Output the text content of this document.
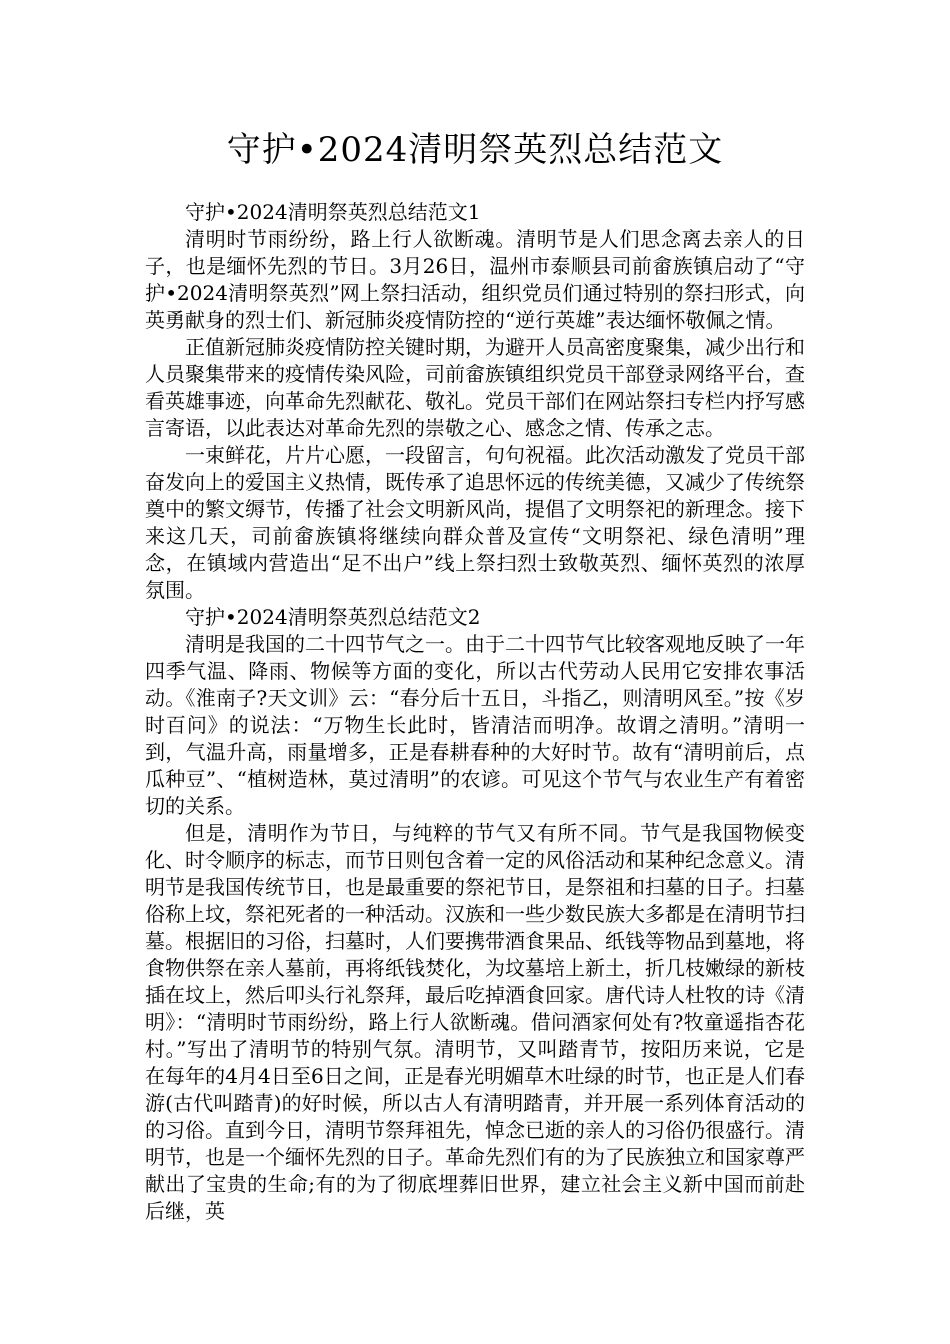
守护•2024清明祭英烈总结范文

守护•2024清明祭英烈总结范文1

清明时节雨纷纷，路上行人欲断魂。清明节是人们思念离去亲人的日子，也是缅怀先烈的节日。3月26日，温州市泰顺县司前畲族镇启动了“守护•2024清明祭英烈”网上祭扫活动，组织党员们通过特别的祭扫形式，向英勇献身的烈士们、新冠肺炎疫情防控的“逆行英雄”表达缅怀敬佩之情。

正值新冠肺炎疫情防控关键时期，为避开人员高密度聚集，减少出行和人员聚集带来的疫情传染风险，司前畲族镇组织党员干部登录网络平台，查看英雄事迹，向革命先烈献花、敬礼。党员干部们在网站祭扫专栏内抒写感言寄语，以此表达对革命先烈的崇敬之心、感念之情、传承之志。

一束鲜花，片片心愿，一段留言，句句祝福。此次活动激发了党员干部奋发向上的爱国主义热情，既传承了追思怀远的传统美德，又减少了传统祭奠中的繁文缛节，传播了社会文明新风尚，提倡了文明祭祀的新理念。接下来这几天，司前畲族镇将继续向群众普及宣传“文明祭祀、绿色清明”理念，在镇域内营造出“足不出户”线上祭扫烈士致敬英烈、缅怀英烈的浓厚氛围。

守护•2024清明祭英烈总结范文2

清明是我国的二十四节气之一。由于二十四节气比较客观地反映了一年四季气温、降雨、物候等方面的变化，所以古代劳动人民用它安排农事活动。《淮南子?天文训》云：“春分后十五日，斗指乙，则清明风至。”按《岁时百问》的说法：“万物生长此时，皆清洁而明净。故谓之清明。”清明一到，气温升高，雨量增多，正是春耕春种的大好时节。故有“清明前后，点瓜种豆”、“植树造林，莫过清明”的农谚。可见这个节气与农业生产有着密切的关系。

但是，清明作为节日，与纯粹的节气又有所不同。节气是我国物候变化、时令顺序的标志，而节日则包含着一定的风俗活动和某种纪念意义。清明节是我国传统节日，也是最重要的祭祀节日，是祭祖和扫墓的日子。扫墓俗称上坟，祭祀死者的一种活动。汉族和一些少数民族大多都是在清明节扫墓。根据旧的习俗，扫墓时，人们要携带酒食果品、纸钱等物品到墓地，将食物供祭在亲人墓前，再将纸钱焚化，为坟墓培上新土，折几枝嫩绿的新枝插在坟上，然后叩头行礼祭拜，最后吃掉酒食回家。唐代诗人杜牧的诗《清明》：“清明时节雨纷纷，路上行人欲断魂。借问酒家何处有?牧童遥指杏花村。”写出了清明节的特别气氛。清明节，又叫踏青节，按阳历来说，它是在每年的4月4日至6日之间，正是春光明媚草木吐绿的时节，也正是人们春游(古代叫踏青)的好时候，所以古人有清明踏青，并开展一系列体育活动的的习俗。直到今日，清明节祭拜祖先，悼念已逝的亲人的习俗仍很盛行。清明节，也是一个缅怀先烈的日子。革命先烈们有的为了民族独立和国家尊严献出了宝贵的生命;有的为了彻底埋葬旧世界，建立社会主义新中国而前赴后继，英
